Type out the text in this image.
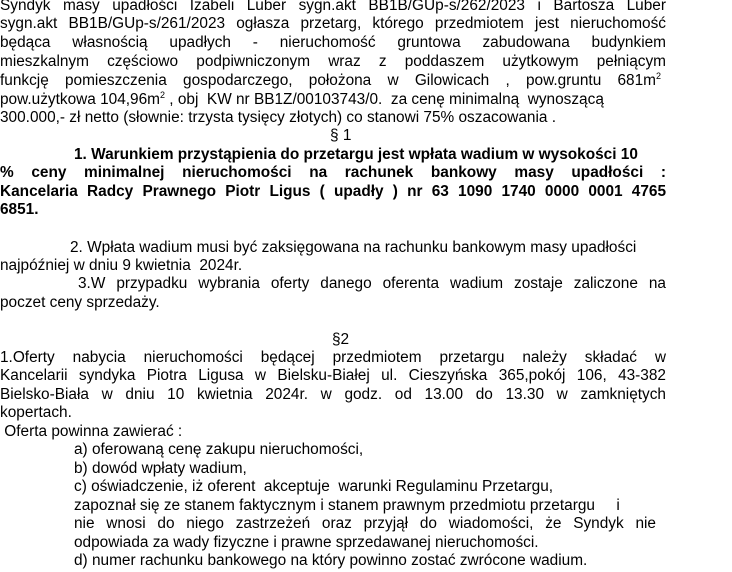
Syndyk masy upadłości Izabeli Luber sygn.akt BB1B/GUp-s/262/2023 i Bartosza Luber
sygn.akt BB1B/GUp-s/261/2023 ogłasza przetarg, którego przedmiotem jest nieruchomość
będąca własnością upadłych - nieruchomość gruntowa zabudowana budynkiem
mieszkalnym częściowo podpiwniczonym wraz z poddaszem użytkowym pełniącym
funkcję pomieszczenia gospodarczego, położona w Gilowicach , pow.gruntu $681m^2$
pow.użytkowa $104,96m^2$ , obj  KW nr BB1Z/00103743/0.  za cenę minimalną  wynoszącą
300.000,- zł netto (słownie: trzysta tysięcy złotych) co stanowi 75% oszacowania .
§ 1
1. Warunkiem przystąpienia do przetargu jest wpłata wadium w wysokości 10
% ceny minimalnej nieruchomości na rachunek bankowy masy upadłości :
Kancelaria Radcy Prawnego Piotr Ligus ( upadły ) nr 63 1090 1740 0000 0001 4765
6851.
2. Wpłata wadium musi być zaksięgowana na rachunku bankowym masy upadłości
najpóźniej w dniu 9 kwietnia  2024r.
3.W przypadku wybrania oferty danego oferenta wadium zostaje zaliczone na
poczet ceny sprzedaży.
§2
1.Oferty nabycia nieruchomości będącej przedmiotem przetargu należy składać w
Kancelarii syndyka Piotra Ligusa w Bielsku-Białej ul. Cieszyńska 365,pokój 106, 43-382
Bielsko-Biała w dniu 10 kwietnia 2024r. w godz. od 13.00 do 13.30 w zamkniętych
kopertach.
Oferta powinna zawierać :
a) oferowaną cenę zakupu nieruchomości,
b) dowód wpłaty wadium,
c) oświadczenie, iż oferent  akceptuje  warunki Regulaminu Przetargu,
zapoznał się ze stanem faktycznym i stanem prawnym przedmiotu przetargu     i
nie wnosi do niego zastrzeżeń oraz przyjął do wiadomości, że Syndyk nie
odpowiada za wady fizyczne i prawne sprzedawanej nieruchomości.
d) numer rachunku bankowego na który powinno zostać zwrócone wadium.
